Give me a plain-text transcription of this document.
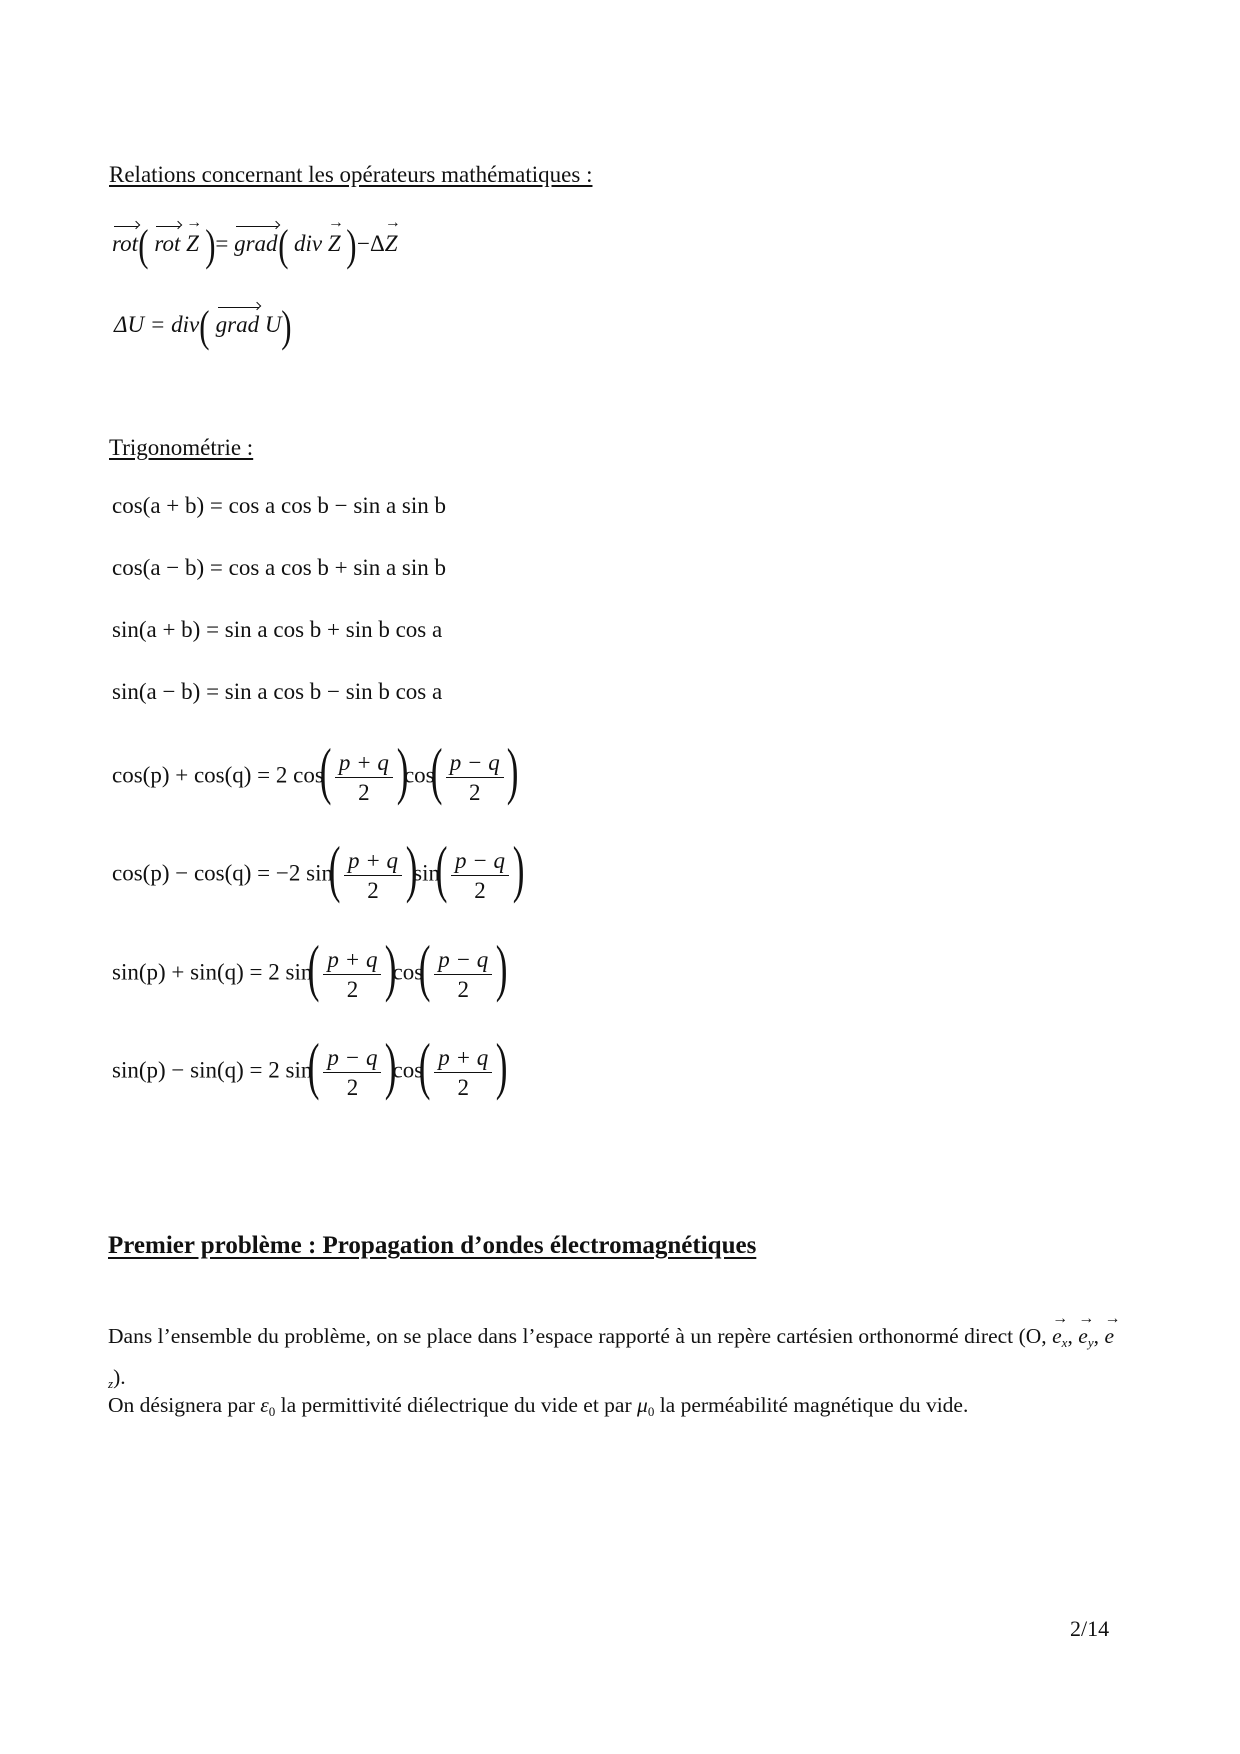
Relations concernant les opérateurs mathématiques :
rot( rot Z → )= grad( div Z → )−ΔZ →
ΔU = div( grad U)
Trigonométrie :
cos(a + b) = cos a cos b − sin a sin b
cos(a − b) = cos a cos b + sin a sin b
sin(a + b) = sin a cos b + sin b cos a
sin(a − b) = sin a cos b − sin b cos a
cos(p) + cos(q) = 2 $\cos( \frac{p + q}{2} )\cos( \frac{p - q}{2}$ )
cos(p) − cos(q) = −2 $\sin( \frac{p + q}{2} )\sin( \frac{p - q}{2}$ )
sin(p) + sin(q) = 2 $\sin( \frac{p + q}{2} )\cos( \frac{p - q}{2}$ )
sin(p) − sin(q) = 2 $\sin( \frac{p - q}{2} )\cos( \frac{p + q}{2}$ )
Premier problème : Propagation d’ondes électromagnétiques
Dans l’ensemble du problème, on se place dans l’espace rapporté à un repère cartésien orthonormé direct (O, $e \to_x$, $e \to_y$, $e \to_z$).
On désignera par $\varepsilon_0$ la permittivité diélectrique du vide et par $\mu_0$ la perméabilité magnétique du vide.
2/14
